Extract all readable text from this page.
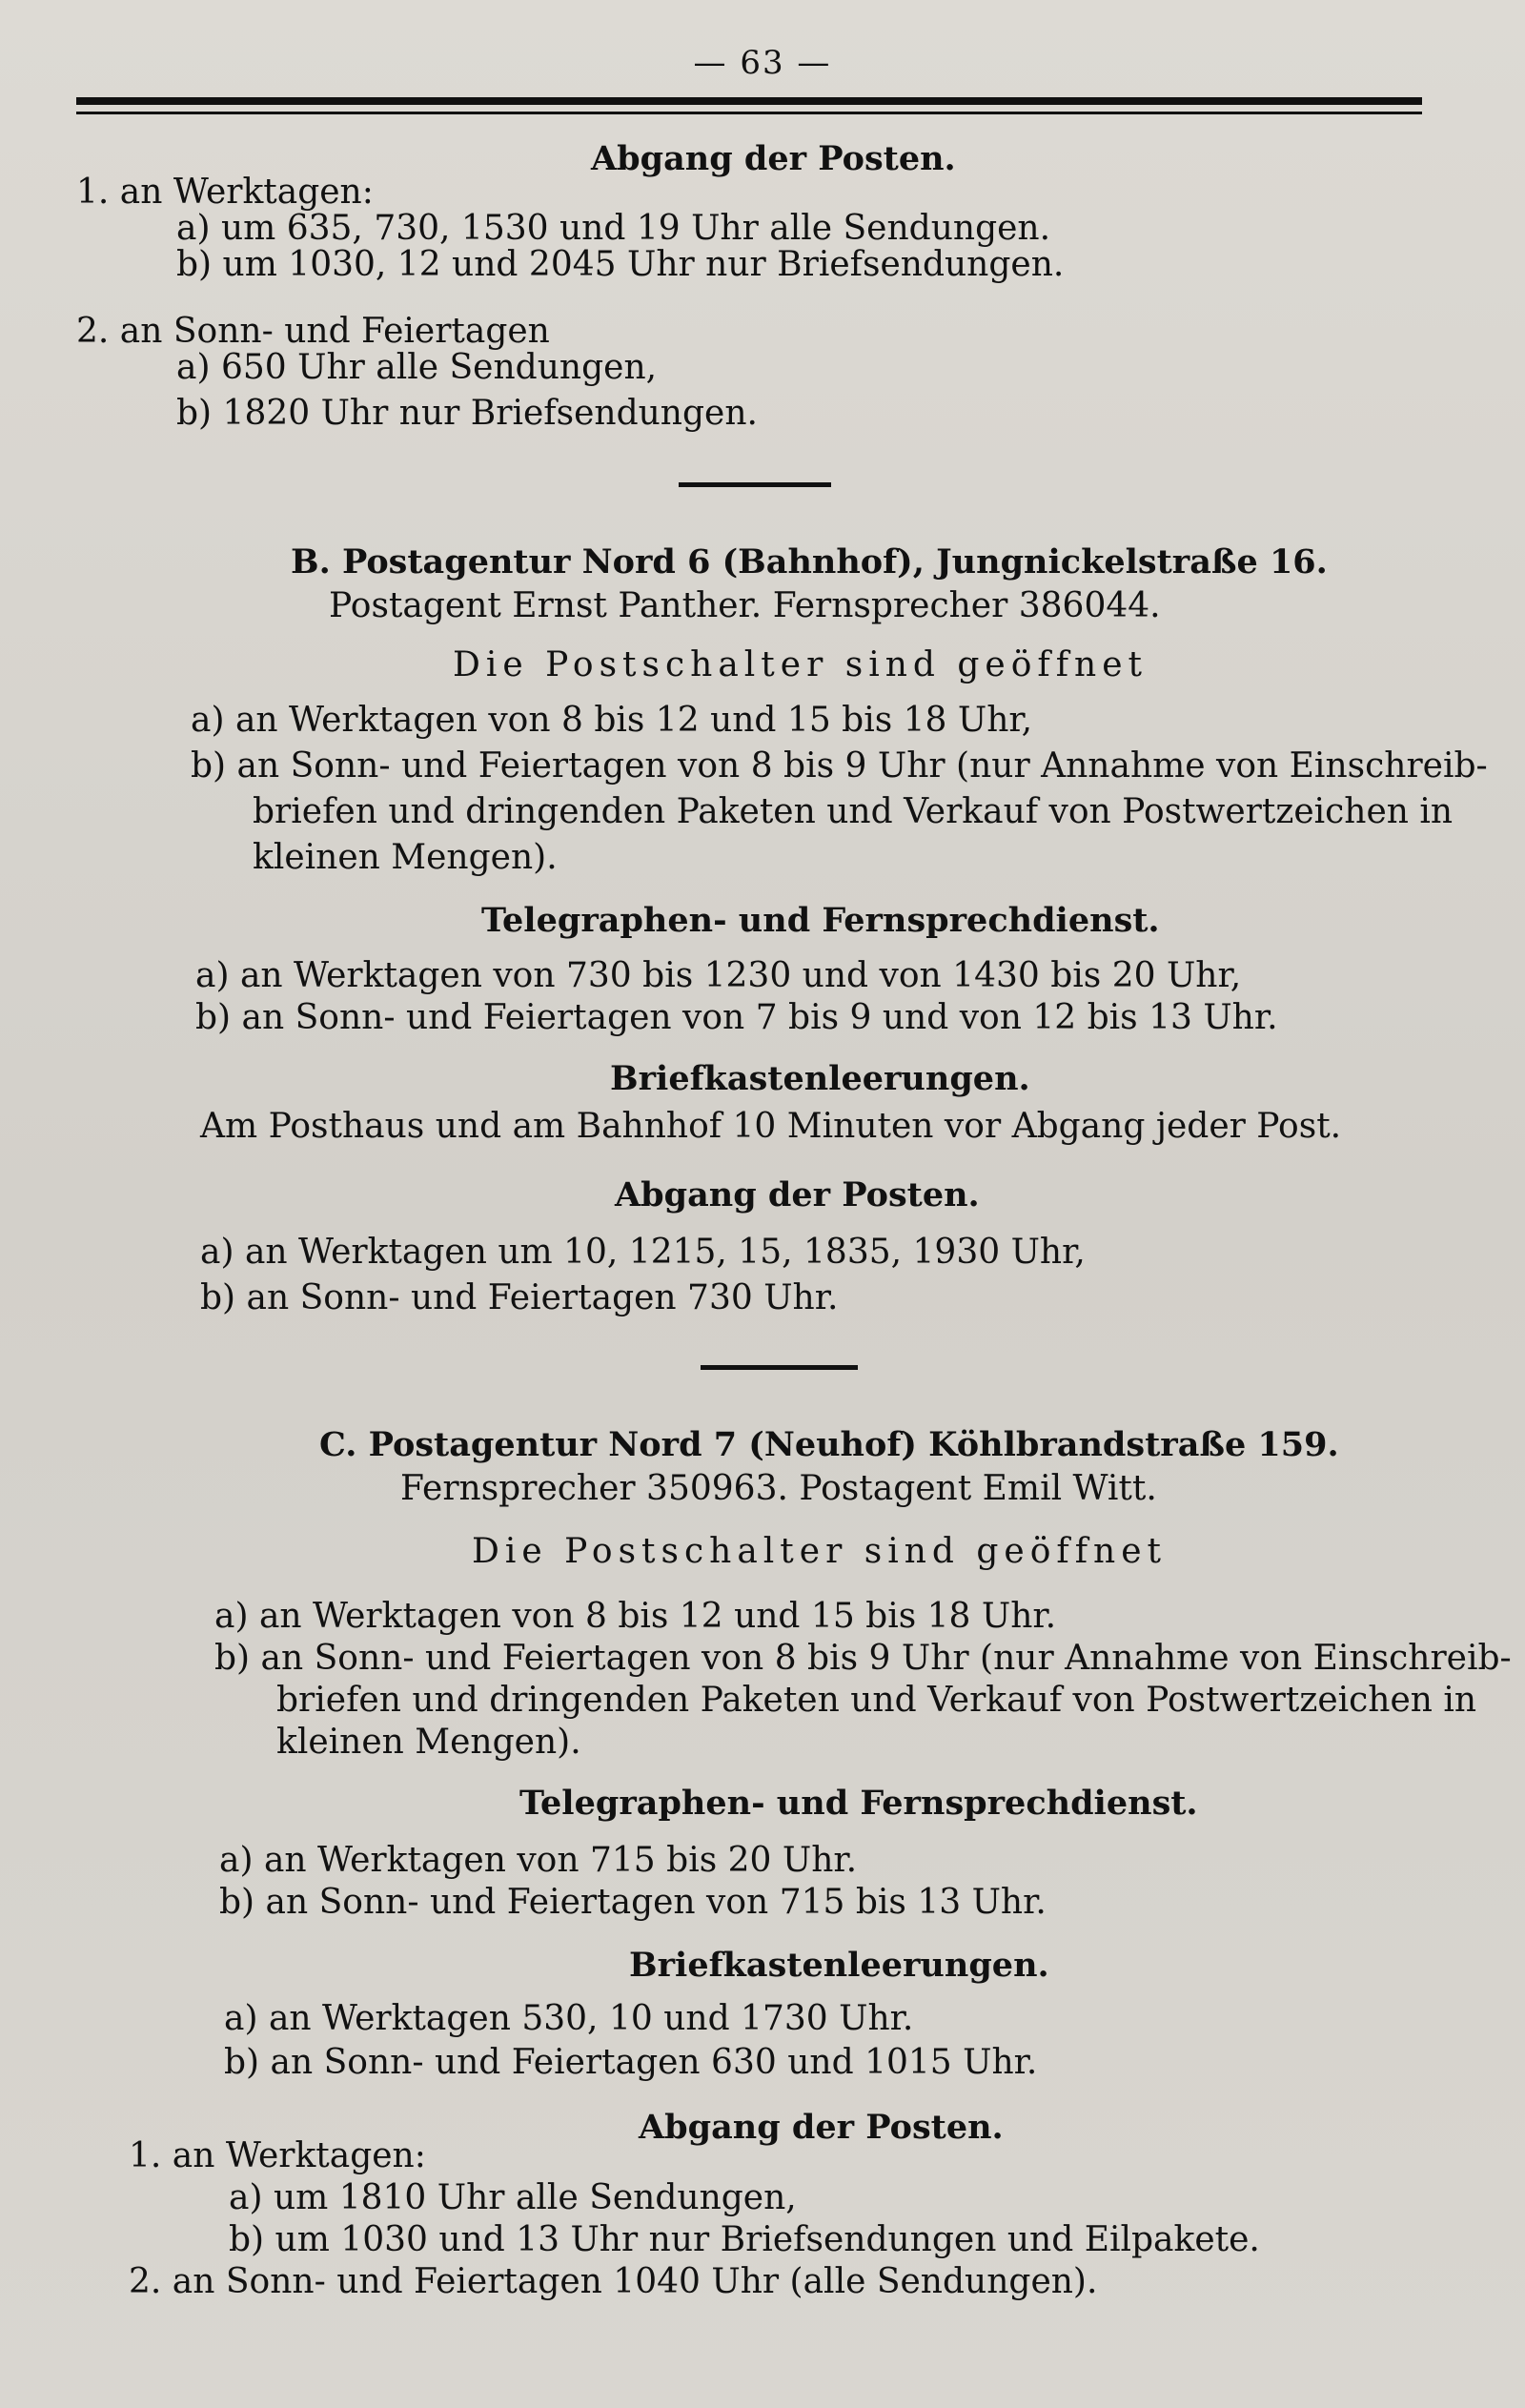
— 63 —
Abgang der Posten.
1. an Werktagen:
a) um 635, 730, 1530 und 19 Uhr alle Sendungen.
b) um 1030, 12 und 2045 Uhr nur Briefsendungen.
2. an Sonn- und Feiertagen
a) 650 Uhr alle Sendungen,
b) 1820 Uhr nur Briefsendungen.
B. Postagentur Nord 6 (Bahnhof), Jungnickelstraße 16.
Postagent Ernst Panther. Fernsprecher 386044.
Die Postschalter sind geöffnet
a) an Werktagen von 8 bis 12 und 15 bis 18 Uhr,
b) an Sonn- und Feiertagen von 8 bis 9 Uhr (nur Annahme von Einschreib-
briefen und dringenden Paketen und Verkauf von Postwertzeichen in
kleinen Mengen).
Telegraphen- und Fernsprechdienst.
a) an Werktagen von 730 bis 1230 und von 1430 bis 20 Uhr,
b) an Sonn- und Feiertagen von 7 bis 9 und von 12 bis 13 Uhr.
Briefkastenleerungen.
Am Posthaus und am Bahnhof 10 Minuten vor Abgang jeder Post.
Abgang der Posten.
a) an Werktagen um 10, 1215, 15, 1835, 1930 Uhr,
b) an Sonn- und Feiertagen 730 Uhr.
C. Postagentur Nord 7 (Neuhof) Köhlbrandstraße 159.
Fernsprecher 350963. Postagent Emil Witt.
Die Postschalter sind geöffnet
a) an Werktagen von 8 bis 12 und 15 bis 18 Uhr.
b) an Sonn- und Feiertagen von 8 bis 9 Uhr (nur Annahme von Einschreib-
briefen und dringenden Paketen und Verkauf von Postwertzeichen in
kleinen Mengen).
Telegraphen- und Fernsprechdienst.
a) an Werktagen von 715 bis 20 Uhr.
b) an Sonn- und Feiertagen von 715 bis 13 Uhr.
Briefkastenleerungen.
a) an Werktagen 530, 10 und 1730 Uhr.
b) an Sonn- und Feiertagen 630 und 1015 Uhr.
Abgang der Posten.
1. an Werktagen:
a) um 1810 Uhr alle Sendungen,
b) um 1030 und 13 Uhr nur Briefsendungen und Eilpakete.
2. an Sonn- und Feiertagen 1040 Uhr (alle Sendungen).
